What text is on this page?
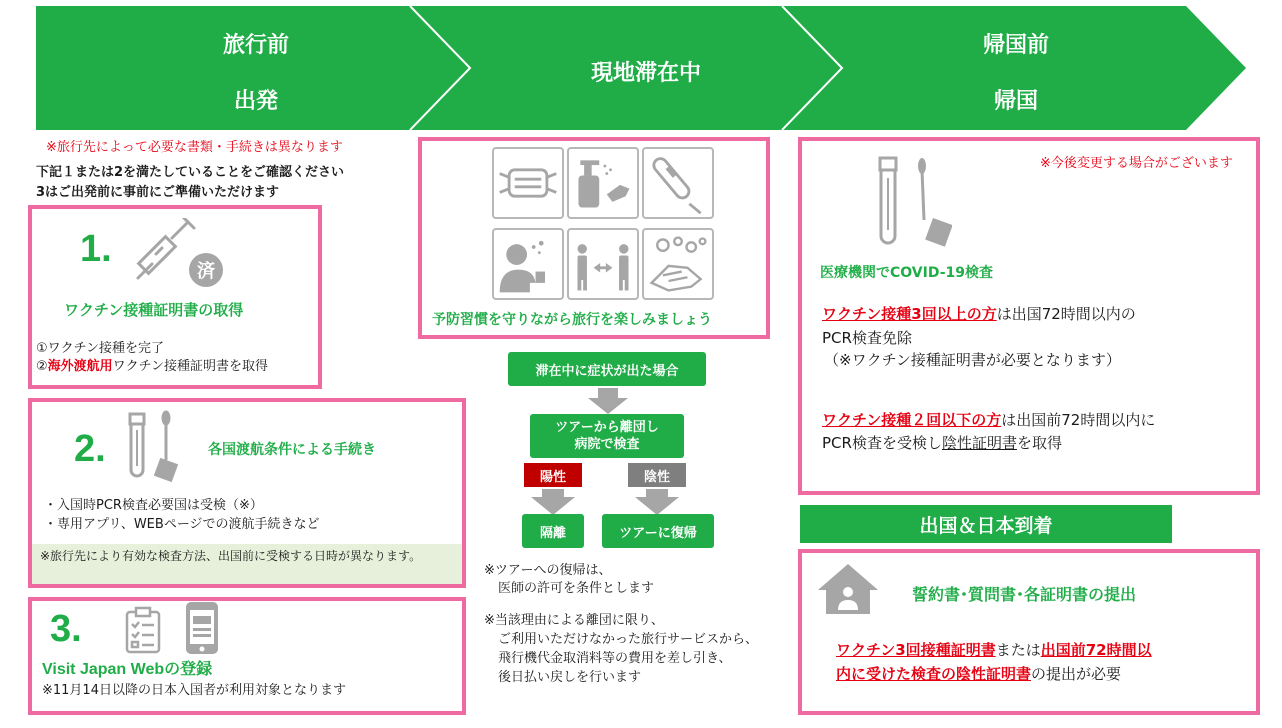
旅行前
出発
現地滞在中
帰国前
帰国
※旅行先によって必要な書類・手続きは異なります
下記１または2を満たしていることをご確認ください
3はご出発前に事前にご準備いただけます
1.
済
ワクチン接種証明書の取得
①ワクチン接種を完了
②海外渡航用ワクチン接種証明書を取得
2.	各国渡航条件による手続き
・入国時PCR検査必要国は受検（※）
・専用アプリ、WEBページでの渡航手続きなど
※旅行先により有効な検査方法、出国前に受検する日時が異なります。
3.
Visit Japan Webの登録
※11月14日以降の日本入国者が利用対象となります
予防習慣を守りながら旅行を楽しみましょう
滞在中に症状が出た場合
ツアーから離団し
病院で検査
陽性	陰性
隔離	ツアーに復帰
※ツアーへの復帰は、
医師の許可を条件とします
※当該理由による離団に限り、
ご利用いただけなかった旅行サービスから、
飛行機代金取消料等の費用を差し引き、
後日払い戻しを行います
※今後変更する場合がございます
医療機関でCOVID-19検査
ワクチン接種3回以上の方は出国72時間以内の
PCR検査免除
（※ワクチン接種証明書が必要となります）
ワクチン接種２回以下の方は出国前72時間以内に
PCR検査を受検し陰性証明書を取得
出国＆日本到着
誓約書･質問書･各証明書の提出
ワクチン3回接種証明書または出国前72時間以
内に受けた検査の陰性証明書の提出が必要
